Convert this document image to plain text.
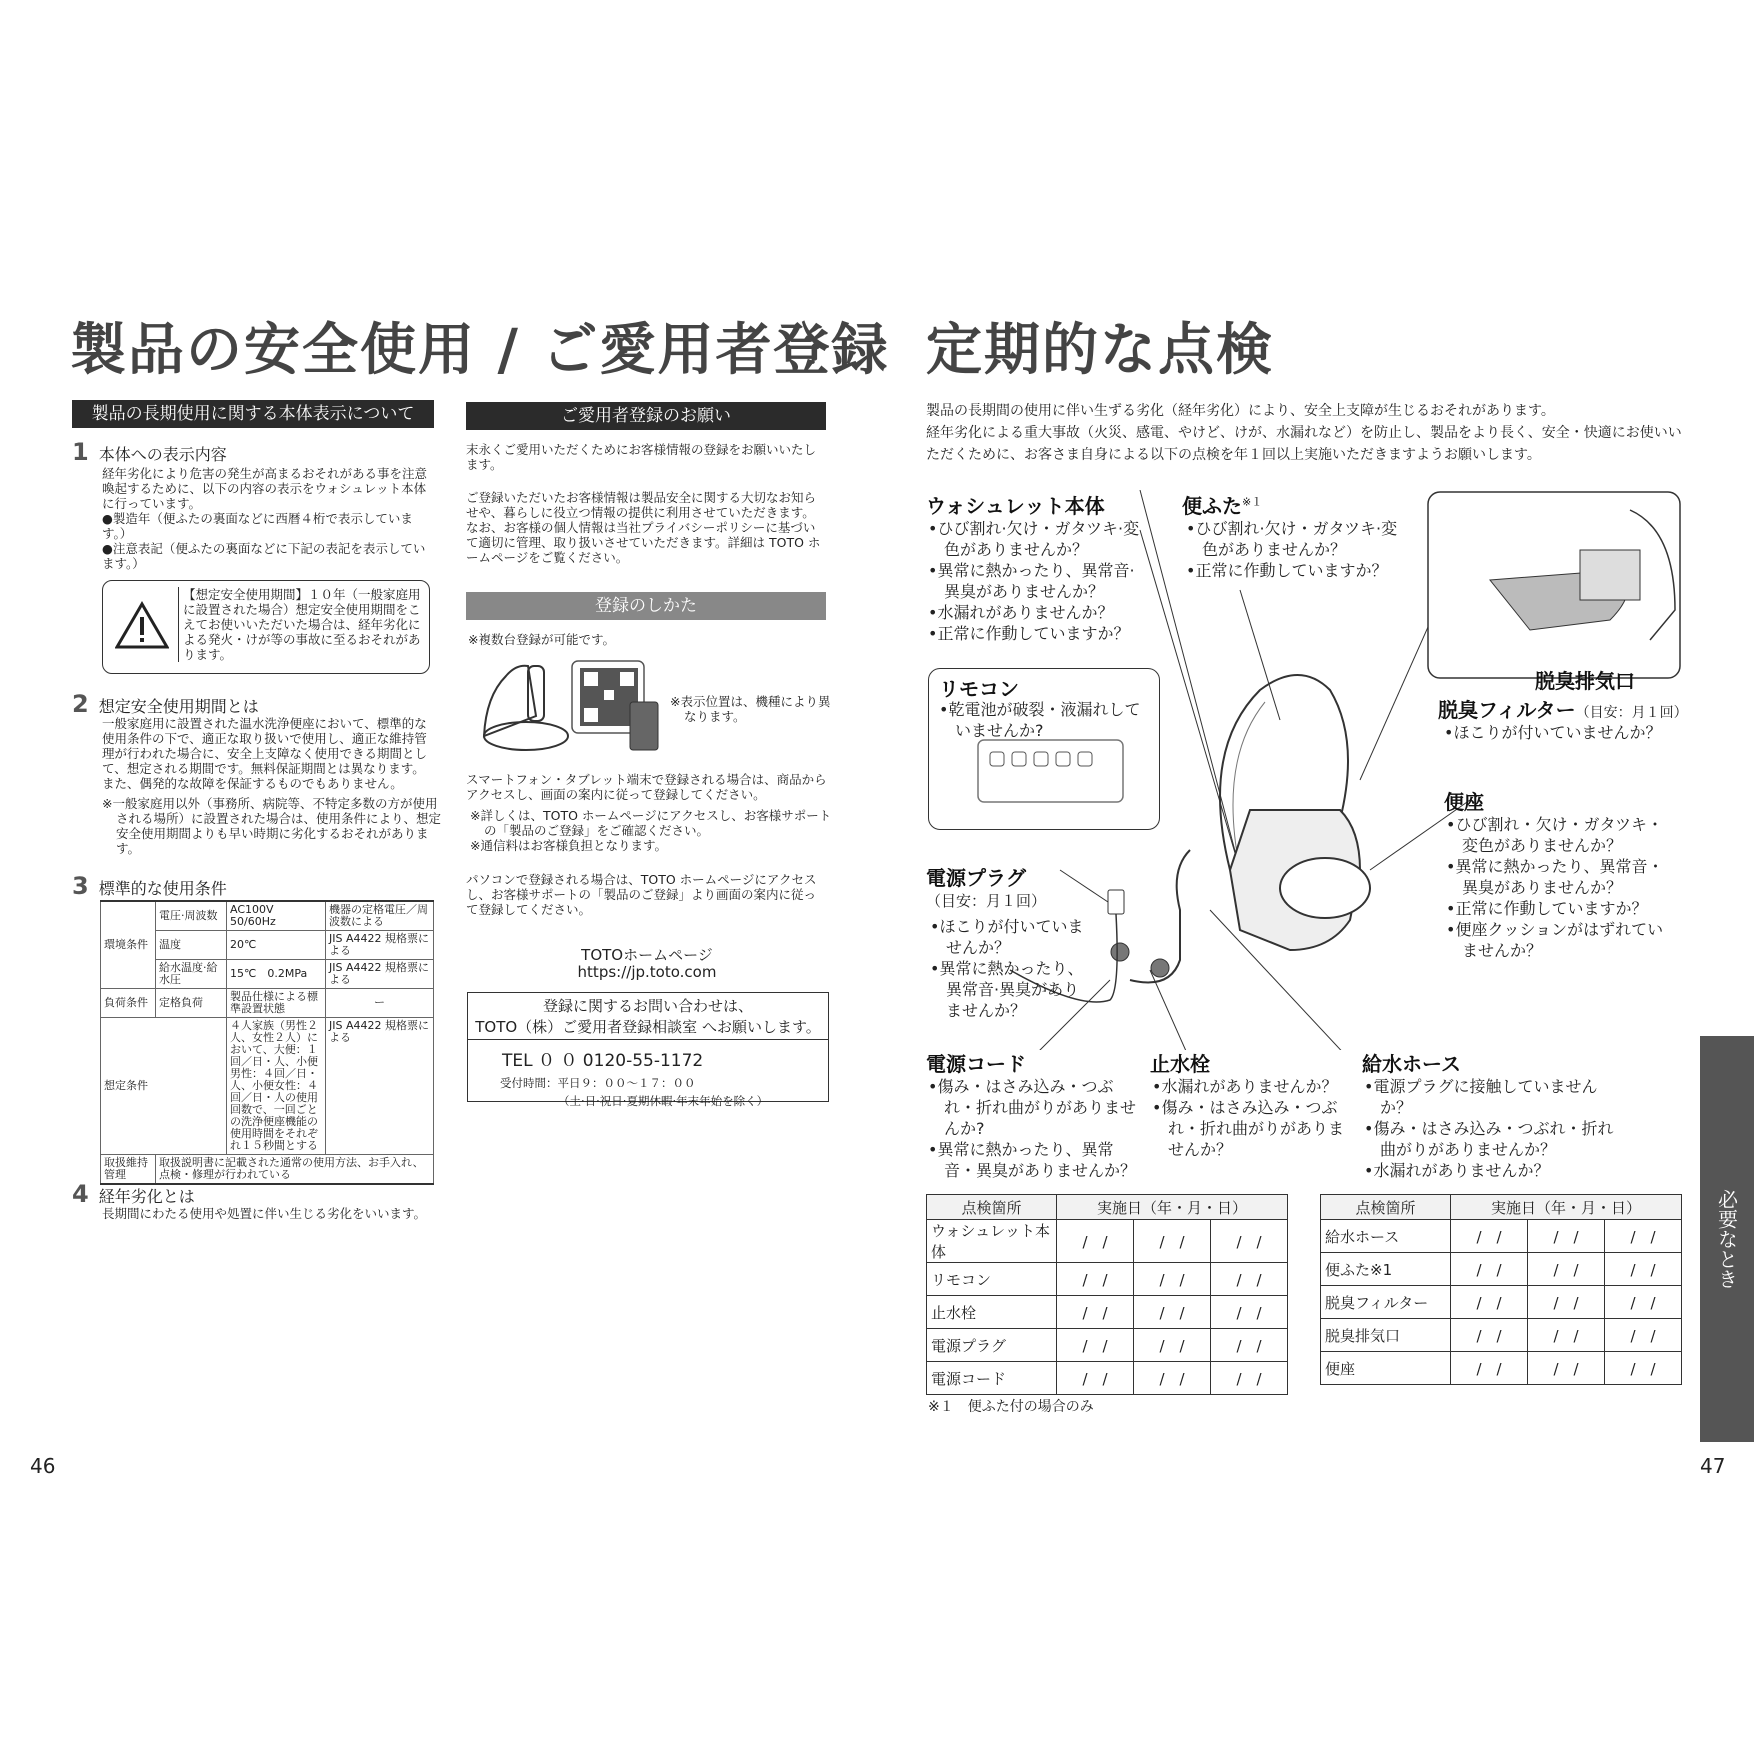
製品の安全使用 / ご愛用者登録
製品の長期使用に関する本体表示について
1 本体への表示内容
経年劣化により危害の発生が高まるおそれがある事を注意喚起するために、以下の内容の表示をウォシュレット本体に行っています。
●製造年（便ふたの裏面などに西暦４桁で表示しています。）
●注意表記（便ふたの裏面などに下記の表記を表示しています。）
【想定安全使用期間】１０年（一般家庭用に設置された場合）想定安全使用期間をこえてお使いいただいた場合は、経年劣化による発火・けが等の事故に至るおそれがあります。
2 想定安全使用期間とは
一般家庭用に設置された温水洗浄便座において、標準的な使用条件の下で、適正な取り扱いで使用し、適正な維持管理が行われた場合に、安全上支障なく使用できる期間として、想定される期間です。無料保証期間とは異なります。また、偶発的な故障を保証するものでもありません。
※一般家庭用以外（事務所、病院等、不特定多数の方が使用される場所）に設置された場合は、使用条件により、想定安全使用期間よりも早い時期に劣化するおそれがあります。
3 標準的な使用条件
環境条件	電圧·周波数	AC100V 50/60Hz	機器の定格電圧／周波数による
	温度	20℃	JIS A4422 規格票による
	給水温度·給水圧	15℃　0.2MPa	JIS A4422 規格票による
負荷条件	定格負荷	製品仕様による標準設置状態	ー
想定条件		４人家族（男性２人、女性２人）において、大便：１回／日・人、小便男性：４回／日・人、小便女性：４回／日・人の使用回数で、一回ごとの洗浄便座機能の使用時間をそれぞれ１５秒間とする	JIS A4422 規格票による
取扱維持管理	取扱説明書に記載された通常の使用方法、お手入れ、点検・修理が行われている		
4 経年劣化とは
長期間にわたる使用や処置に伴い生じる劣化をいいます。
ご愛用者登録のお願い
末永くご愛用いただくためにお客様情報の登録をお願いいたします。
ご登録いただいたお客様情報は製品安全に関する大切なお知らせや、暮らしに役立つ情報の提供に利用させていただきます。なお、お客様の個人情報は当社プライバシーポリシーに基づいて適切に管理、取り扱いさせていただきます。詳細は TOTO ホームページをご覧ください。
登録のしかた
※複数台登録が可能です。
※表示位置は、機種により異なります。
スマートフォン・タブレット端末で登録される場合は、商品からアクセスし、画面の案内に従って登録してください。
※詳しくは、TOTO ホームページにアクセスし、お客様サポートの「製品のご登録」をご確認ください。
※通信料はお客様負担となります。
パソコンで登録される場合は、TOTO ホームページにアクセスし、お客様サポートの「製品のご登録」より画面の案内に従って登録してください。
TOTOホームページ
https://jp.toto.com
登録に関するお問い合わせは、
TOTO（株）ご愛用者登録相談室 へお願いします。
TEL ０ ０ 0120-55-1172
受付時間：平日９：００～１７：００
（土·日·祝日·夏期休暇·年末年始を除く）
46
定期的な点検
製品の長期間の使用に伴い生ずる劣化（経年劣化）により、安全上支障が生じるおそれがあります。
経年劣化による重大事故（火災、感電、やけど、けが、水漏れなど）を防止し、製品をより長く、安全・快適にお使いいただくために、お客さま自身による以下の点検を年１回以上実施いただきますようお願いします。
リモコン
•乾電池が破裂・液漏れしていませんか?
ウォシュレット本体
•ひび割れ·欠け・ガタツキ·変色がありませんか？
•異常に熱かったり、異常音·異臭がありませんか？
•水漏れがありませんか？
•正常に作動していますか？
便ふた$^{※1}$
•ひび割れ·欠け・ガタツキ·変色がありませんか？
•正常に作動していますか？
脱臭排気口
脱臭フィルター（目安：月１回）
•ほこりが付いていませんか？
便座
•ひび割れ・欠け・ガタツキ・変色がありませんか？
•異常に熱かったり、異常音・異臭がありませんか？
•正常に作動していますか？
•便座クッションがはずれていませんか？
電源プラグ
（目安：月１回）
•ほこりが付いていませんか？
•異常に熱かったり、異常音·異臭がありませんか？
電源コード
•傷み・はさみ込み・つぶれ・折れ曲がりがありませんか?
•異常に熱かったり、異常音・異臭がありませんか？
止水栓
•水漏れがありませんか？
•傷み・はさみ込み・つぶれ・折れ曲がりがありませんか？
給水ホース
•電源プラグに接触していませんか？
•傷み・はさみ込み・つぶれ・折れ曲がりがありませんか？
•水漏れがありませんか？
点検箇所	実施日（年・月・日）		
ウォシュレット本体	/　/	/　/	/　/
リモコン	/　/	/　/	/　/
止水栓	/　/	/　/	/　/
電源プラグ	/　/	/　/	/　/
電源コード	/　/	/　/	/　/
点検箇所	実施日（年・月・日）		
給水ホース	/　/	/　/	/　/
便ふた※1	/　/	/　/	/　/
脱臭フィルター	/　/	/　/	/　/
脱臭排気口	/　/	/　/	/　/
便座	/　/	/　/	/　/
※１　便ふた付の場合のみ
必要なとき
47
